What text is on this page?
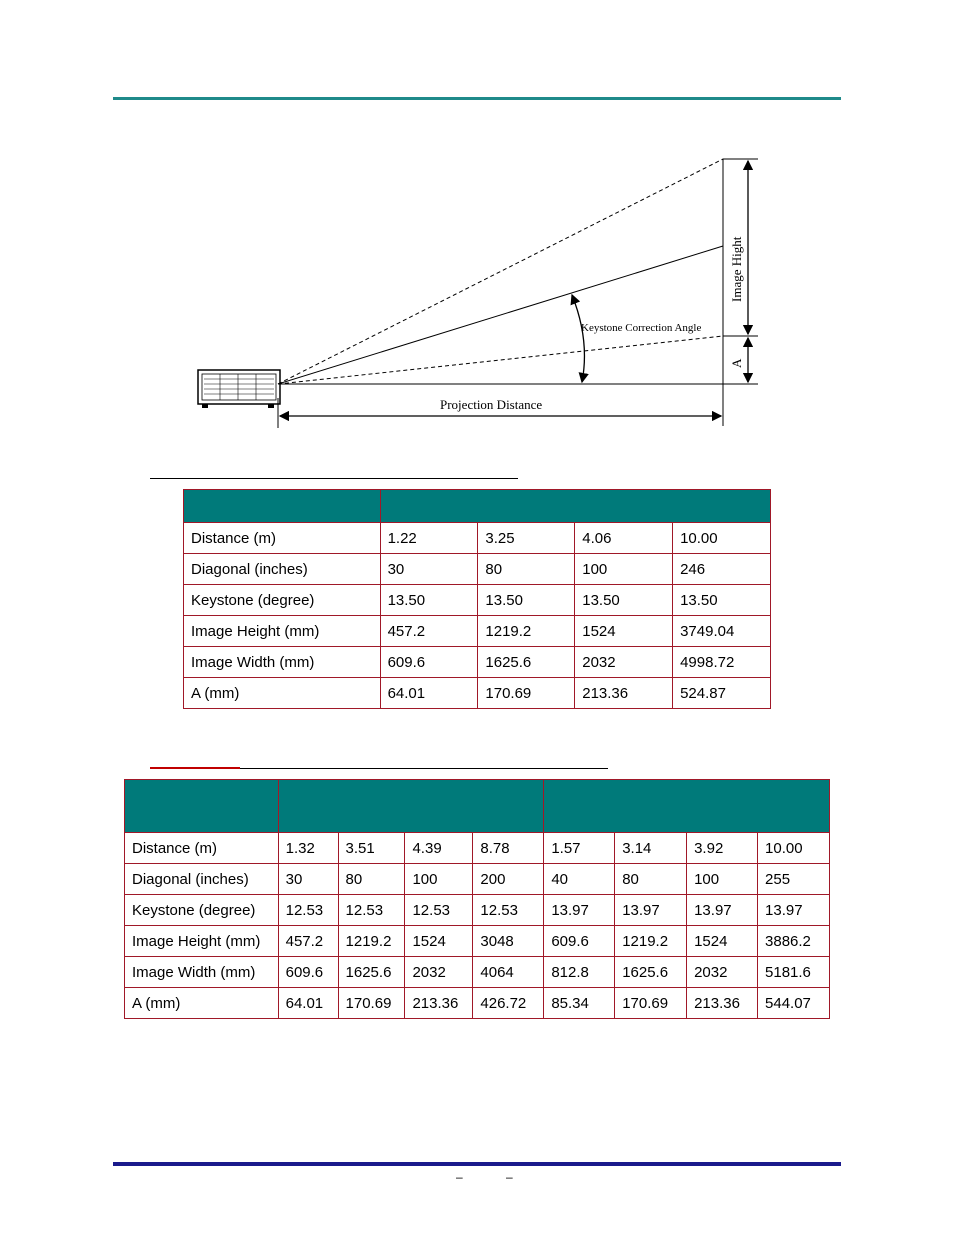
Image Hight
A
Keystone Correction Angle
Projection Distance

Distance (m)	1.22	3.25	4.06	10.00
Diagonal (inches)	30	80	100	246
Keystone (degree)	13.50	13.50	13.50	13.50
Image Height (mm)	457.2	1219.2	1524	3749.04
Image Width (mm)	609.6	1625.6	2032	4998.72
A (mm)	64.01	170.69	213.36	524.87

Distance (m)	1.32	3.51	4.39	8.78	1.57	3.14	3.92	10.00
Diagonal (inches)	30	80	100	200	40	80	100	255
Keystone (degree)	12.53	12.53	12.53	12.53	13.97	13.97	13.97	13.97
Image Height (mm)	457.2	1219.2	1524	3048	609.6	1219.2	1524	3886.2
Image Width (mm)	609.6	1625.6	2032	4064	812.8	1625.6	2032	5181.6
A (mm)	64.01	170.69	213.36	426.72	85.34	170.69	213.36	544.07
– –
